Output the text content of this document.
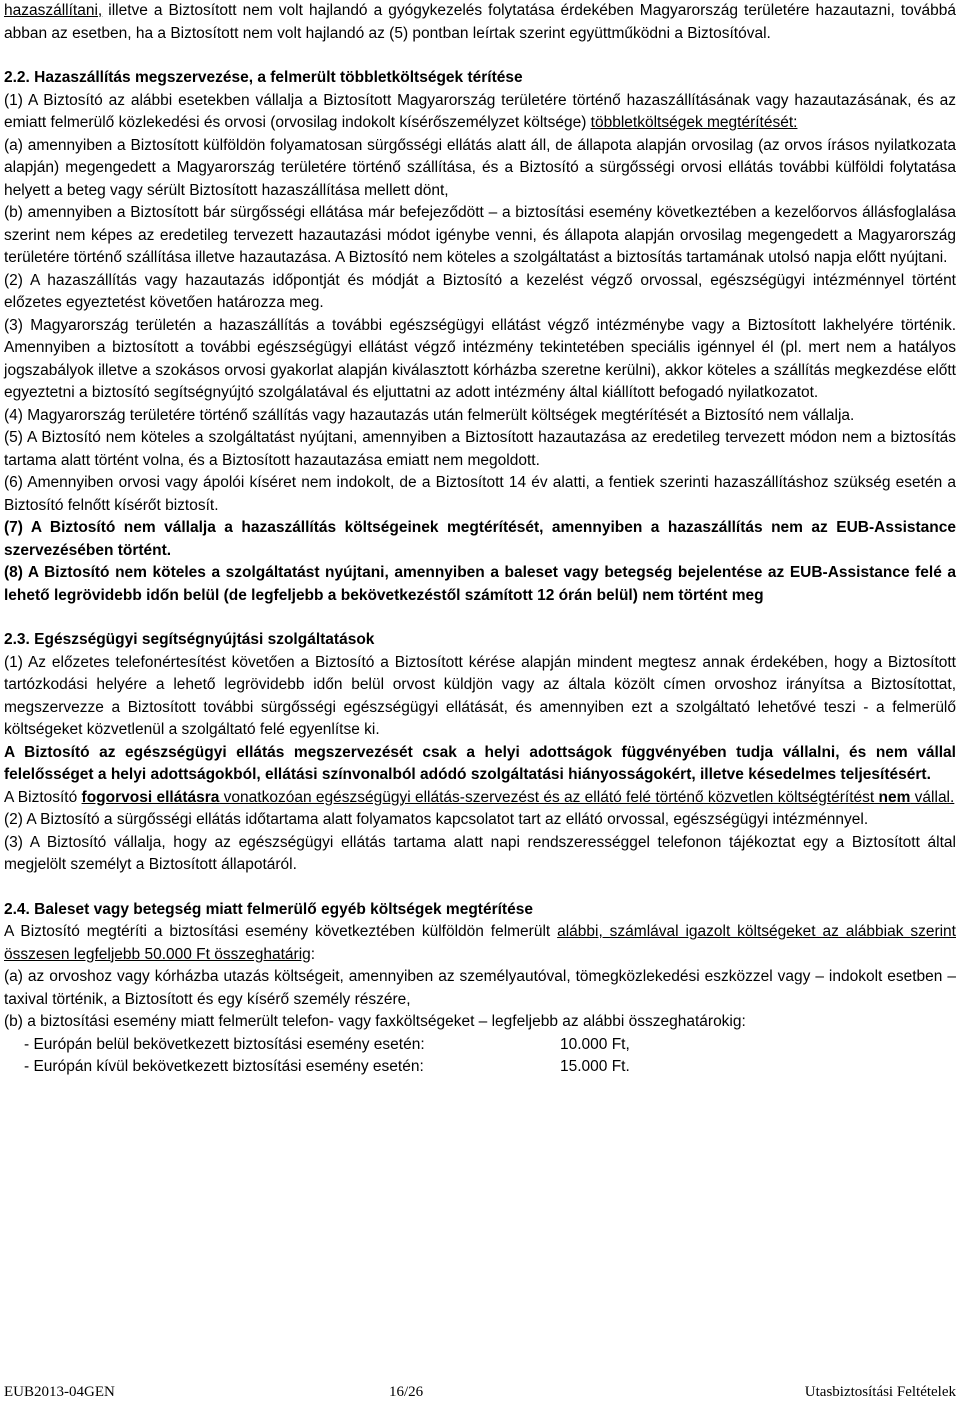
hazaszállítani, illetve a Biztosított nem volt hajlandó a gyógykezelés folytatása érdekében Magyarország területére hazautazni, továbbá abban az esetben, ha a Biztosított nem volt hajlandó az (5) pontban leírtak szerint együttműködni a Biztosítóval.

2.2. Hazaszállítás megszervezése, a felmerült többletköltségek térítése

(1) A Biztosító az alábbi esetekben vállalja a Biztosított Magyarország területére történő hazaszállításának vagy hazautazásának, és az emiatt felmerülő közlekedési és orvosi (orvosilag indokolt kísérőszemélyzet költsége) többletköltségek megtérítését:

(a) amennyiben a Biztosított külföldön folyamatosan sürgősségi ellátás alatt áll, de állapota alapján orvosilag (az orvos írásos nyilatkozata alapján) megengedett a Magyarország területére történő szállítása, és a Biztosító a sürgősségi orvosi ellátás további külföldi folytatása helyett a beteg vagy sérült Biztosított hazaszállítása mellett dönt,

(b) amennyiben a Biztosított bár sürgősségi ellátása már befejeződött – a biztosítási esemény következtében a kezelőorvos állásfoglalása szerint nem képes az eredetileg tervezett hazautazási módot igénybe venni, és állapota alapján orvosilag megengedett a Magyarország területére történő szállítása illetve hazautazása. A Biztosító nem köteles a szolgáltatást a biztosítás tartamának utolsó napja előtt nyújtani.

(2) A hazaszállítás vagy hazautazás időpontját és módját a Biztosító a kezelést végző orvossal, egészségügyi intézménnyel történt előzetes egyeztetést követően határozza meg.

(3) Magyarország területén a hazaszállítás a további egészségügyi ellátást végző intézménybe vagy a Biztosított lakhelyére történik. Amennyiben a biztosított a további egészségügyi ellátást végző intézmény tekintetében speciális igénnyel él (pl. mert nem a hatályos jogszabályok illetve a szokásos orvosi gyakorlat alapján kiválasztott kórházba szeretne kerülni), akkor köteles a szállítás megkezdése előtt egyeztetni a biztosító segítségnyújtó szolgálatával és eljuttatni az adott intézmény által kiállított befogadó nyilatkozatot.

(4) Magyarország területére történő szállítás vagy hazautazás után felmerült költségek megtérítését a Biztosító nem vállalja.

(5) A Biztosító nem köteles a szolgáltatást nyújtani, amennyiben a Biztosított hazautazása az eredetileg tervezett módon nem a biztosítás tartama alatt történt volna, és a Biztosított hazautazása emiatt nem megoldott.

(6) Amennyiben orvosi vagy ápolói kíséret nem indokolt, de a Biztosított 14 év alatti, a fentiek szerinti hazaszállításhoz szükség esetén a Biztosító felnőtt kísérőt biztosít.

(7) A Biztosító nem vállalja a hazaszállítás költségeinek megtérítését, amennyiben a hazaszállítás nem az EUB-Assistance szervezésében történt.

(8) A Biztosító nem köteles a szolgáltatást nyújtani, amennyiben a baleset vagy betegség bejelentése az EUB-Assistance felé a lehető legrövidebb időn belül (de legfeljebb a bekövetkezéstől számított 12 órán belül) nem történt meg

2.3. Egészségügyi segítségnyújtási szolgáltatások

(1) Az előzetes telefonértesítést követően a Biztosító a Biztosított kérése alapján mindent megtesz annak érdekében, hogy a Biztosított tartózkodási helyére a lehető legrövidebb időn belül orvost küldjön vagy az általa közölt címen orvoshoz irányítsa a Biztosítottat, megszervezze a Biztosított további sürgősségi egészségügyi ellátását, és amennyiben ezt a szolgáltató lehetővé teszi - a felmerülő költségeket közvetlenül a szolgáltató felé egyenlítse ki.

A Biztosító az egészségügyi ellátás megszervezését csak a helyi adottságok függvényében tudja vállalni, és nem vállal felelősséget a helyi adottságokból, ellátási színvonalból adódó szolgáltatási hiányosságokért, illetve késedelmes teljesítésért.

A Biztosító fogorvosi ellátásra vonatkozóan egészségügyi ellátás-szervezést és az ellátó felé történő közvetlen költségtérítést nem vállal.

(2) A Biztosító a sürgősségi ellátás időtartama alatt folyamatos kapcsolatot tart az ellátó orvossal, egészségügyi intézménnyel.

(3) A Biztosító vállalja, hogy az egészségügyi ellátás tartama alatt napi rendszerességgel telefonon tájékoztat egy a Biztosított által megjelölt személyt a Biztosított állapotáról.

2.4. Baleset vagy betegség miatt felmerülő egyéb költségek megtérítése

A Biztosító megtéríti a biztosítási esemény következtében külföldön felmerült alábbi, számlával igazolt költségeket az alábbiak szerint összesen legfeljebb 50.000 Ft összeghatárig:

(a) az orvoshoz vagy kórházba utazás költségeit, amennyiben az személyautóval, tömegközlekedési eszközzel vagy – indokolt esetben – taxival történik, a Biztosított és egy kísérő személy részére,

(b) a biztosítási esemény miatt felmerült telefon- vagy faxköltségeket – legfeljebb az alábbi összeghatárokig:

- Európán belül bekövetkezett biztosítási esemény esetén:	10.000 Ft,
- Európán kívül bekövetkezett biztosítási esemény esetén:	15.000 Ft.
EUB2013-04GEN	16/26	Utasbiztosítási Feltételek
